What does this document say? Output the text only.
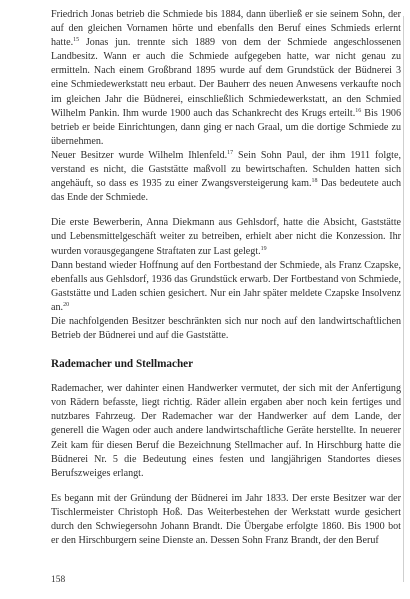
Friedrich Jonas betrieb die Schmiede bis 1884, dann überließ er sie seinem Sohn, der auf den gleichen Vornamen hörte und ebenfalls den Beruf eines Schmieds erlernt hatte.$^{15}$ Jonas jun. trennte sich 1889 von dem der Schmiede angeschlossenen Landbesitz. Wann er auch die Schmiede aufgegeben hatte, war nicht genau zu ermitteln. Nach einem Großbrand 1895 wurde auf dem Grundstück der Büdnerei 3 eine Schmiedewerkstatt neu erbaut. Der Bauherr des neuen Anwesens verkaufte noch im gleichen Jahr die Büdnerei, einschließlich Schmiedewerkstatt, an den Schmied Wilhelm Pankin. Ihm wurde 1900 auch das Schankrecht des Krugs erteilt.$^{16}$ Bis 1906 betrieb er beide Einrichtungen, dann ging er nach Graal, um die dortige Schmiede zu übernehmen.

Neuer Besitzer wurde Wilhelm Ihlenfeld.$^{17}$ Sein Sohn Paul, der ihm 1911 folgte, verstand es nicht, die Gaststätte maßvoll zu bewirtschaften. Schulden hatten sich angehäuft, so dass es 1935 zu einer Zwangsversteigerung kam.$^{18}$ Das bedeutete auch das Ende der Schmiede.

Die erste Bewerberin, Anna Diekmann aus Gehlsdorf, hatte die Absicht, Gaststätte und Lebensmittelgeschäft weiter zu betreiben, erhielt aber nicht die Konzession. Ihr wurden vorausgegangene Straftaten zur Last gelegt.$^{19}$

Dann bestand wieder Hoffnung auf den Fortbestand der Schmiede, als Franz Czapske, ebenfalls aus Gehlsdorf, 1936 das Grundstück erwarb. Der Fortbestand von Schmiede, Gaststätte und Laden schien gesichert. Nur ein Jahr später meldete Czapske Insolvenz an.$^{20}$

Die nachfolgenden Besitzer beschränkten sich nur noch auf den landwirtschaftlichen Betrieb der Büdnerei und auf die Gaststätte.

Rademacher und Stellmacher

Rademacher, wer dahinter einen Handwerker vermutet, der sich mit der Anfertigung von Rädern befasste, liegt richtig. Räder allein ergaben aber noch kein fertiges und nutzbares Fahrzeug. Der Rademacher war der Handwerker auf dem Lande, der generell die Wagen oder auch andere landwirtschaftliche Geräte herstellte. In neuerer Zeit kam für diesen Beruf die Bezeichnung Stellmacher auf. In Hirschburg hatte die Büdnerei Nr. 5 die Bedeutung eines festen und langjährigen Standortes dieses Berufszweiges erlangt.

Es begann mit der Gründung der Büdnerei im Jahr 1833. Der erste Besitzer war der Tischlermeister Christoph Hoß. Das Weiterbestehen der Werkstatt wurde gesichert durch den Schwiegersohn Johann Brandt. Die Übergabe erfolgte 1860. Bis 1900 bot er den Hirschburgern seine Dienste an. Dessen Sohn Franz Brandt, der den Beruf

158
